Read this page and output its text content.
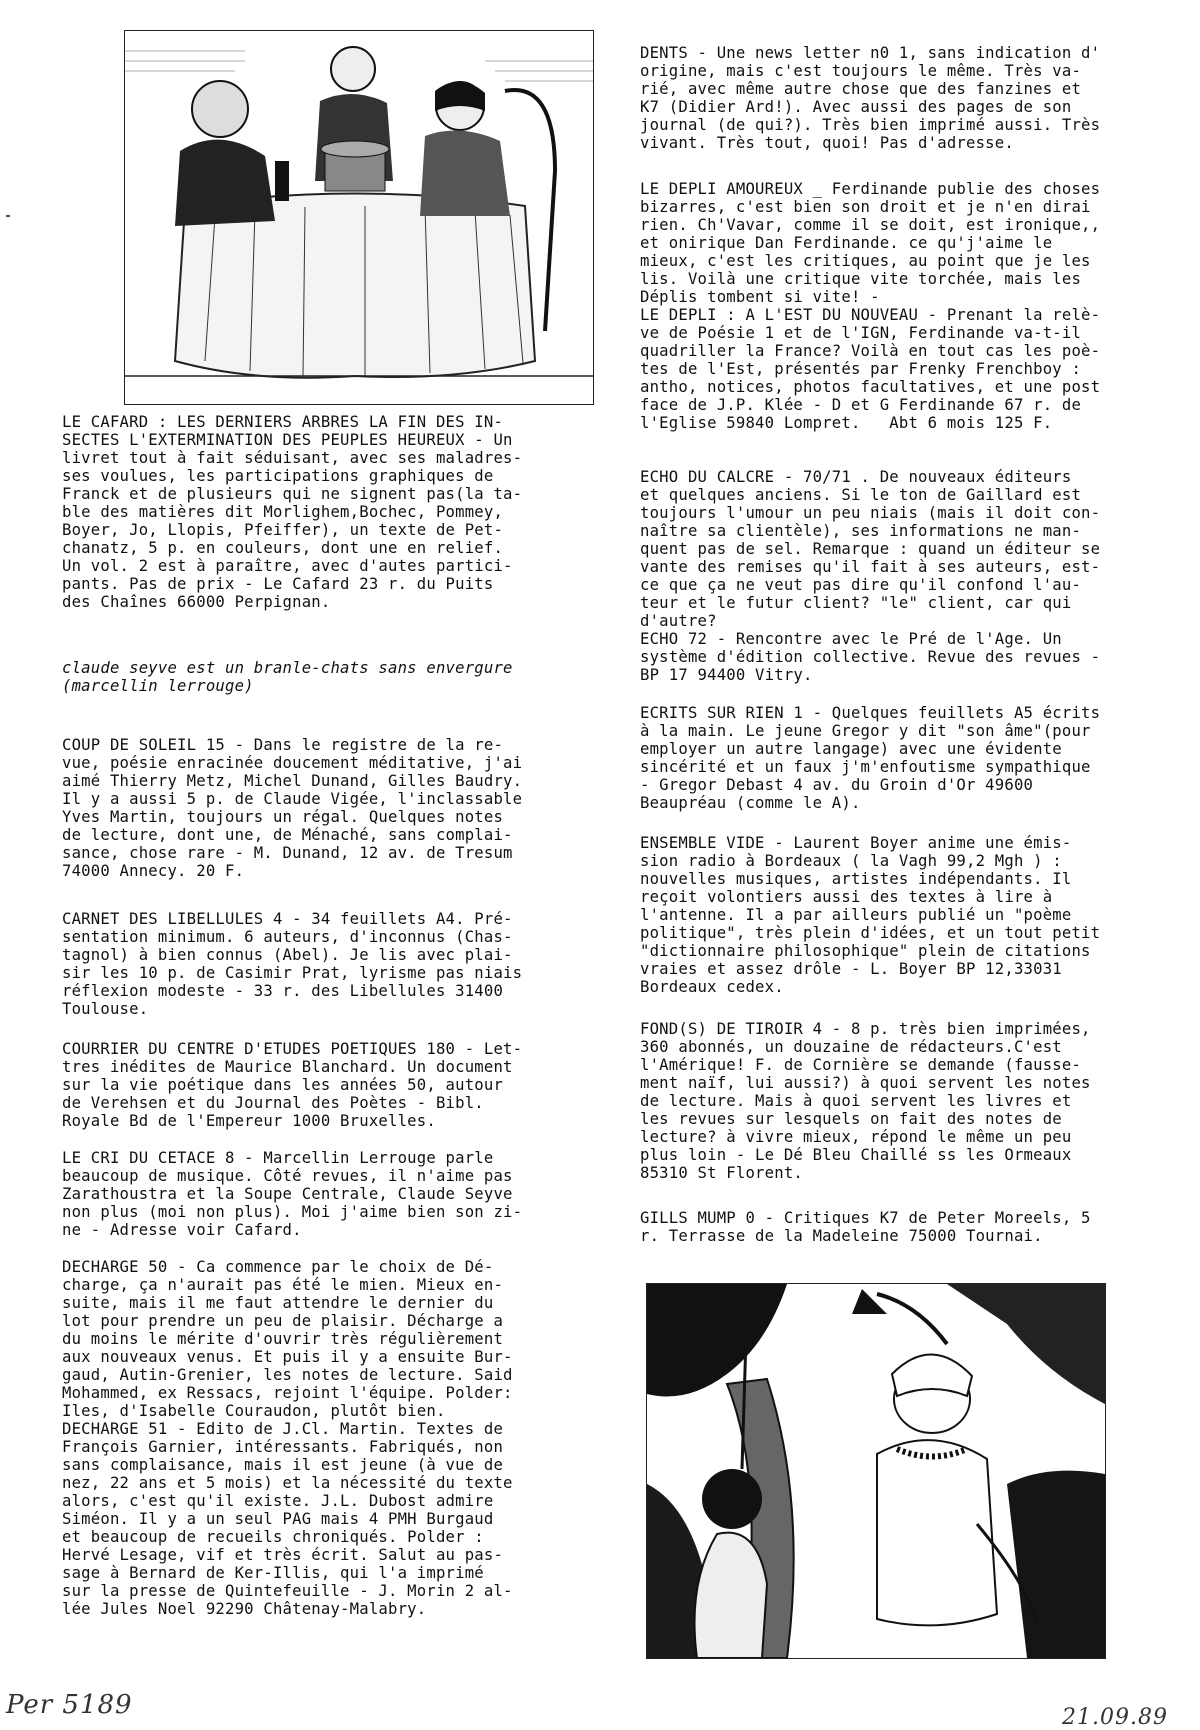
LE CAFARD : LES DERNIERS ARBRES LA FIN DES IN-
SECTES L'EXTERMINATION DES PEUPLES HEUREUX - Un
livret tout à fait séduisant, avec ses maladres-
ses voulues, les participations graphiques de
Franck et de plusieurs qui ne signent pas(la ta-
ble des matières dit Morlighem,Bochec, Pommey,
Boyer, Jo, Llopis, Pfeiffer), un texte de Pet-
chanatz, 5 p. en couleurs, dont une en relief.
Un vol. 2 est à paraître, avec d'autes partici-
pants. Pas de prix - Le Cafard 23 r. du Puits
des Chaînes 66000 Perpignan.
claude seyve est un branle-chats sans envergure
(marcellin lerrouge)
COUP DE SOLEIL 15 - Dans le registre de la re-
vue, poésie enracinée doucement méditative, j'ai
aimé Thierry Metz, Michel Dunand, Gilles Baudry.
Il y a aussi 5 p. de Claude Vigée, l'inclassable
Yves Martin, toujours un régal. Quelques notes
de lecture, dont une, de Ménaché, sans complai-
sance, chose rare - M. Dunand, 12 av. de Tresum
74000 Annecy. 20 F.
CARNET DES LIBELLULES 4 - 34 feuillets A4. Pré-
sentation minimum. 6 auteurs, d'inconnus (Chas-
tagnol) à bien connus (Abel). Je lis avec plai-
sir les 10 p. de Casimir Prat, lyrisme pas niais
réflexion modeste - 33 r. des Libellules 31400
Toulouse.
COURRIER DU CENTRE D'ETUDES POETIQUES 180 - Let-
tres inédites de Maurice Blanchard. Un document
sur la vie poétique dans les années 50, autour
de Verehsen et du Journal des Poètes - Bibl.
Royale Bd de l'Empereur 1000 Bruxelles.
LE CRI DU CETACE 8 - Marcellin Lerrouge parle
beaucoup de musique. Côté revues, il n'aime pas
Zarathoustra et la Soupe Centrale, Claude Seyve
non plus (moi non plus). Moi j'aime bien son zi-
ne - Adresse voir Cafard.
DECHARGE 50 - Ca commence par le choix de Dé-
charge, ça n'aurait pas été le mien. Mieux en-
suite, mais il me faut attendre le dernier du
lot pour prendre un peu de plaisir. Décharge a
du moins le mérite d'ouvrir très régulièrement
aux nouveaux venus. Et puis il y a ensuite Bur-
gaud, Autin-Grenier, les notes de lecture. Said
Mohammed, ex Ressacs, rejoint l'équipe. Polder:
Iles, d'Isabelle Couraudon, plutôt bien.
DECHARGE 51 - Edito de J.Cl. Martin. Textes de
François Garnier, intéressants. Fabriqués, non
sans complaisance, mais il est jeune (à vue de
nez, 22 ans et 5 mois) et la nécessité du texte
alors, c'est qu'il existe. J.L. Dubost admire
Siméon. Il y a un seul PAG mais 4 PMH Burgaud
et beaucoup de recueils chroniqués. Polder :
Hervé Lesage, vif et très écrit. Salut au pas-
sage à Bernard de Ker-Illis, qui l'a imprimé
sur la presse de Quintefeuille - J. Morin 2 al-
lée Jules Noel 92290 Châtenay-Malabry.
DENTS - Une news letter n0 1, sans indication d'
origine, mais c'est toujours le même. Très va-
rié, avec même autre chose que des fanzines et
K7 (Didier Ard!). Avec aussi des pages de son
journal (de qui?). Très bien imprimé aussi. Très
vivant. Très tout, quoi! Pas d'adresse.
LE DEPLI AMOUREUX _ Ferdinande publie des choses
bizarres, c'est bien son droit et je n'en dirai
rien. Ch'Vavar, comme il se doit, est ironique,,
et onirique Dan Ferdinande. ce qu'j'aime le
mieux, c'est les critiques, au point que je les
lis. Voilà une critique vite torchée, mais les
Déplis tombent si vite! -
LE DEPLI : A L'EST DU NOUVEAU - Prenant la relè-
ve de Poésie 1 et de l'IGN, Ferdinande va-t-il
quadriller la France? Voilà en tout cas les poè-
tes de l'Est, présentés par Frenky Frenchboy :
antho, notices, photos facultatives, et une post
face de J.P. Klée - D et G Ferdinande 67 r. de
l'Eglise 59840 Lompret.   Abt 6 mois 125 F.
ECHO DU CALCRE - 70/71 . De nouveaux éditeurs
et quelques anciens. Si le ton de Gaillard est
toujours l'umour un peu niais (mais il doit con-
naître sa clientèle), ses informations ne man-
quent pas de sel. Remarque : quand un éditeur se
vante des remises qu'il fait à ses auteurs, est-
ce que ça ne veut pas dire qu'il confond l'au-
teur et le futur client? "le" client, car qui
d'autre?
ECHO 72 - Rencontre avec le Pré de l'Age. Un
système d'édition collective. Revue des revues -
BP 17 94400 Vitry.
ECRITS SUR RIEN 1 - Quelques feuillets A5 écrits
à la main. Le jeune Gregor y dit "son âme"(pour
employer un autre langage) avec une évidente
sincérité et un faux j'm'enfoutisme sympathique
- Gregor Debast 4 av. du Groin d'Or 49600
Beaupréau (comme le A).
ENSEMBLE VIDE - Laurent Boyer anime une émis-
sion radio à Bordeaux ( la Vagh 99,2 Mgh ) :
nouvelles musiques, artistes indépendants. Il
reçoit volontiers aussi des textes à lire à
l'antenne. Il a par ailleurs publié un "poème
politique", très plein d'idées, et un tout petit
"dictionnaire philosophique" plein de citations
vraies et assez drôle - L. Boyer BP 12,33031
Bordeaux cedex.
FOND(S) DE TIROIR 4 - 8 p. très bien imprimées,
360 abonnés, un douzaine de rédacteurs.C'est
l'Amérique! F. de Cornière se demande (fausse-
ment naïf, lui aussi?) à quoi servent les notes
de lecture. Mais à quoi servent les livres et
les revues sur lesquels on fait des notes de
lecture? à vivre mieux, répond le même un peu
plus loin - Le Dé Bleu Chaillé ss les Ormeaux
85310 St Florent.
GILLS MUMP 0 - Critiques K7 de Peter Moreels, 5
r. Terrasse de la Madeleine 75000 Tournai.
Per 5189	21.09.89
